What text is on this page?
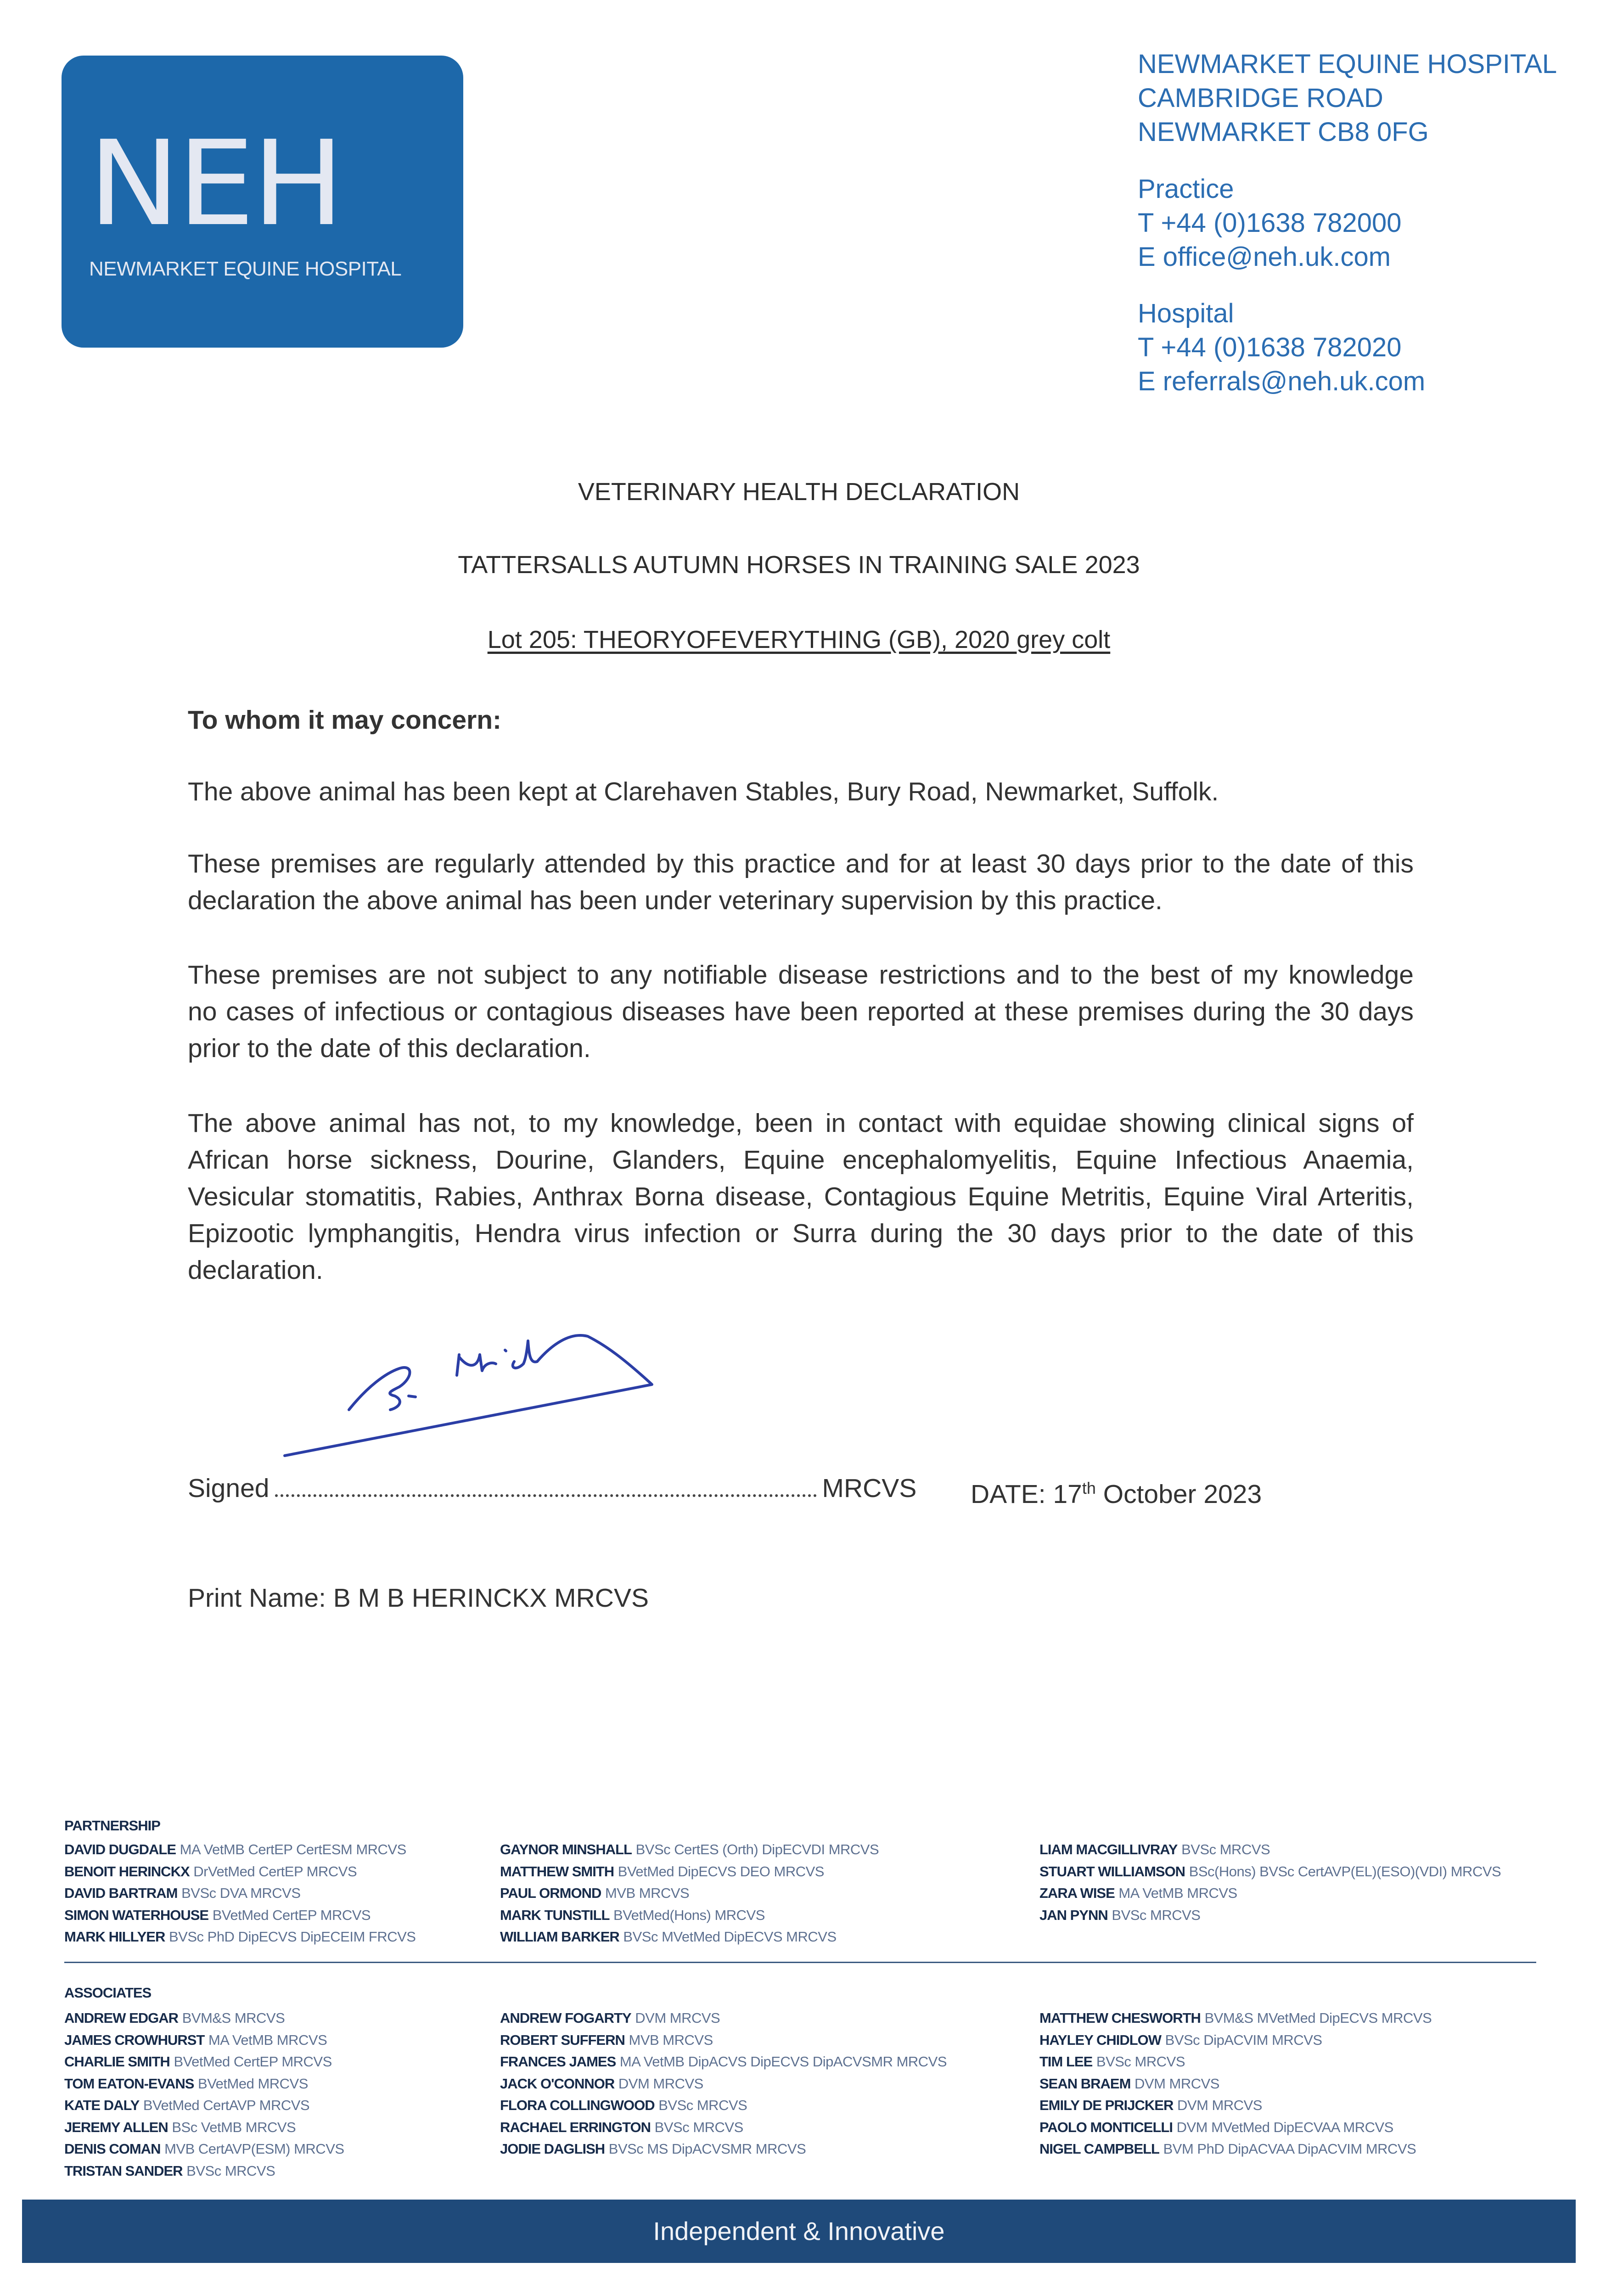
NEH
NEWMARKET EQUINE HOSPITAL
NEWMARKET EQUINE HOSPITAL
CAMBRIDGE ROAD
NEWMARKET CB8 0FG
Practice
T +44 (0)1638 782000
E office@neh.uk.com
Hospital
T +44 (0)1638 782020
E referrals@neh.uk.com
VETERINARY HEALTH DECLARATION
TATTERSALLS AUTUMN HORSES IN TRAINING SALE 2023
Lot 205: THEORYOFEVERYTHING (GB), 2020 grey colt
To whom it may concern:
The above animal has been kept at Clarehaven Stables, Bury Road, Newmarket, Suffolk.
These premises are regularly attended by this practice and for at least 30 days prior to the date of this
declaration the above animal has been under veterinary supervision by this practice.
These premises are not subject to any notifiable disease restrictions and to the best of my knowledge
no cases of infectious or contagious diseases have been reported at these premises during the 30 days
prior to the date of this declaration.
The above animal has not, to my knowledge, been in contact with equidae showing clinical signs of
African horse sickness, Dourine, Glanders, Equine encephalomyelitis, Equine Infectious Anaemia,
Vesicular stomatitis, Rabies, Anthrax Borna disease, Contagious Equine Metritis, Equine Viral Arteritis,
Epizootic lymphangitis, Hendra virus infection or Surra during the 30 days prior to the date of this
declaration.
Signed	MRCVS DATE: 17th October 2023
Print Name: B M B HERINCKX MRCVS
PARTNERSHIP
DAVID DUGDALE MA VetMB CertEP CertESM MRCVS
BENOIT HERINCKX DrVetMed CertEP MRCVS
DAVID BARTRAM BVSc DVA MRCVS
SIMON WATERHOUSE BVetMed CertEP MRCVS
MARK HILLYER BVSc PhD DipECVS DipECEIM FRCVS
GAYNOR MINSHALL BVSc CertES (Orth) DipECVDI MRCVS
MATTHEW SMITH BVetMed DipECVS DEO MRCVS
PAUL ORMOND MVB MRCVS
MARK TUNSTILL BVetMed(Hons) MRCVS
WILLIAM BARKER BVSc MVetMed DipECVS MRCVS
LIAM MACGILLIVRAY BVSc MRCVS
STUART WILLIAMSON BSc(Hons) BVSc CertAVP(EL)(ESO)(VDI) MRCVS
ZARA WISE MA VetMB MRCVS
JAN PYNN BVSc MRCVS
ASSOCIATES
ANDREW EDGAR BVM&S MRCVS
JAMES CROWHURST MA VetMB MRCVS
CHARLIE SMITH BVetMed CertEP MRCVS
TOM EATON-EVANS BVetMed MRCVS
KATE DALY BVetMed CertAVP MRCVS
JEREMY ALLEN BSc VetMB MRCVS
DENIS COMAN MVB CertAVP(ESM) MRCVS
TRISTAN SANDER BVSc MRCVS
ANDREW FOGARTY DVM MRCVS
ROBERT SUFFERN MVB MRCVS
FRANCES JAMES MA VetMB DipACVS DipECVS DipACVSMR MRCVS
JACK O'CONNOR DVM MRCVS
FLORA COLLINGWOOD BVSc MRCVS
RACHAEL ERRINGTON BVSc MRCVS
JODIE DAGLISH BVSc MS DipACVSMR MRCVS
MATTHEW CHESWORTH BVM&S MVetMed DipECVS MRCVS
HAYLEY CHIDLOW BVSc DipACVIM MRCVS
TIM LEE BVSc MRCVS
SEAN BRAEM DVM MRCVS
EMILY DE PRIJCKER DVM MRCVS
PAOLO MONTICELLI DVM MVetMed DipECVAA MRCVS
NIGEL CAMPBELL BVM PhD DipACVAA DipACVIM MRCVS
Independent & Innovative
